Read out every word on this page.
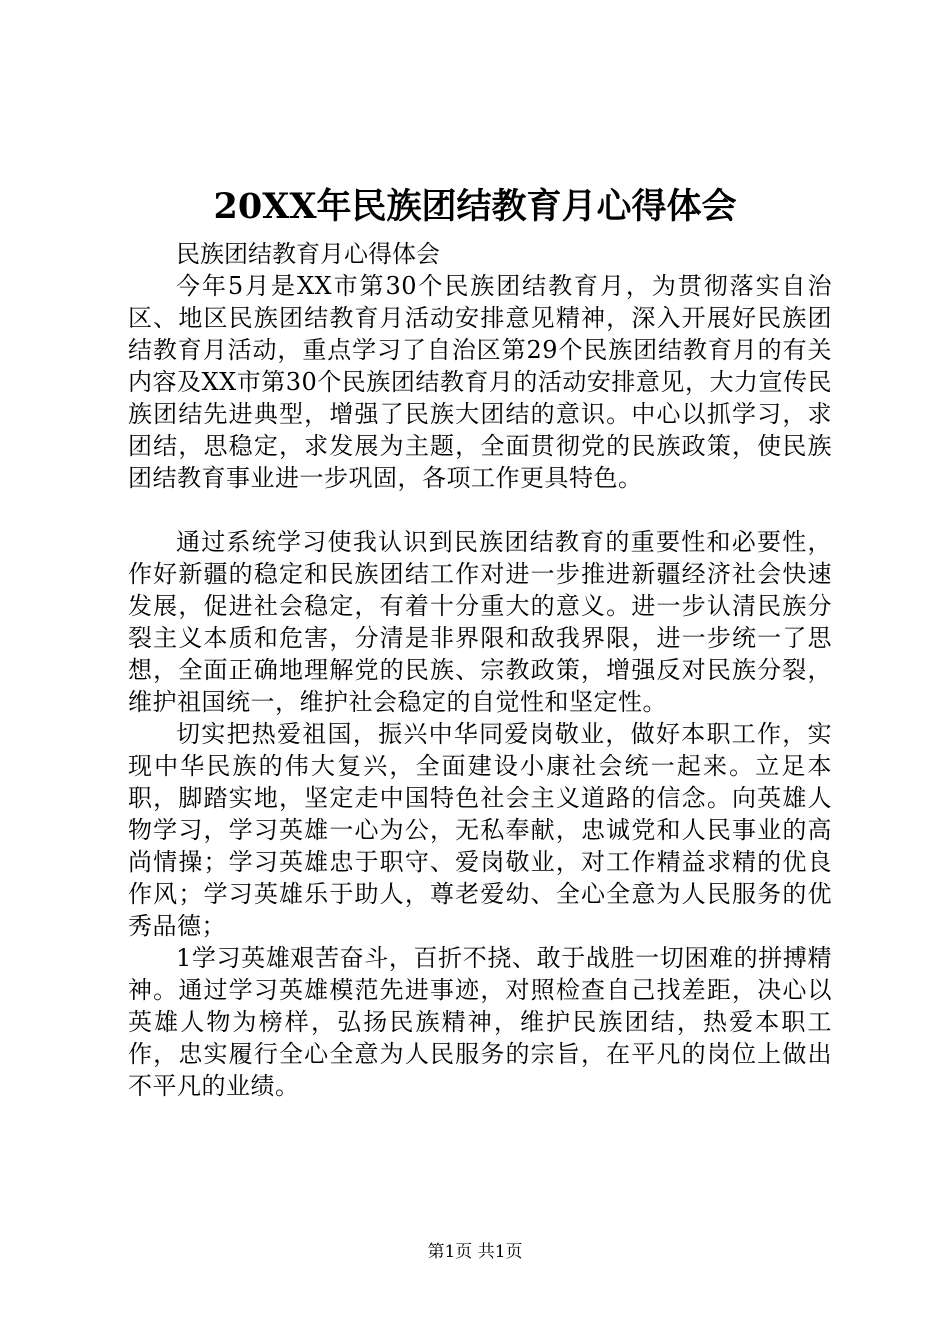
20XX年民族团结教育月心得体会

民族团结教育月心得体会

今年5月是XX市第30个民族团结教育月，为贯彻落实自治区、地区民族团结教育月活动安排意见精神，深入开展好民族团结教育月活动，重点学习了自治区第29个民族团结教育月的有关内容及XX市第30个民族团结教育月的活动安排意见，大力宣传民族团结先进典型，增强了民族大团结的意识。中心以抓学习，求团结，思稳定，求发展为主题，全面贯彻党的民族政策，使民族团结教育事业进一步巩固，各项工作更具特色。

通过系统学习使我认识到民族团结教育的重要性和必要性，作好新疆的稳定和民族团结工作对进一步推进新疆经济社会快速发展，促进社会稳定，有着十分重大的意义。进一步认清民族分裂主义本质和危害，分清是非界限和敌我界限，进一步统一了思想，全面正确地理解党的民族、宗教政策，增强反对民族分裂，维护祖国统一，维护社会稳定的自觉性和坚定性。

切实把热爱祖国，振兴中华同爱岗敬业，做好本职工作，实现中华民族的伟大复兴，全面建设小康社会统一起来。立足本职，脚踏实地，坚定走中国特色社会主义道路的信念。向英雄人物学习，学习英雄一心为公，无私奉献，忠诚党和人民事业的高尚情操；学习英雄忠于职守、爱岗敬业，对工作精益求精的优良作风；学习英雄乐于助人，尊老爱幼、全心全意为人民服务的优秀品德；

1学习英雄艰苦奋斗，百折不挠、敢于战胜一切困难的拼搏精神。通过学习英雄模范先进事迹，对照检查自己找差距，决心以英雄人物为榜样，弘扬民族精神，维护民族团结，热爱本职工作，忠实履行全心全意为人民服务的宗旨，在平凡的岗位上做出不平凡的业绩。

第1页 共1页
